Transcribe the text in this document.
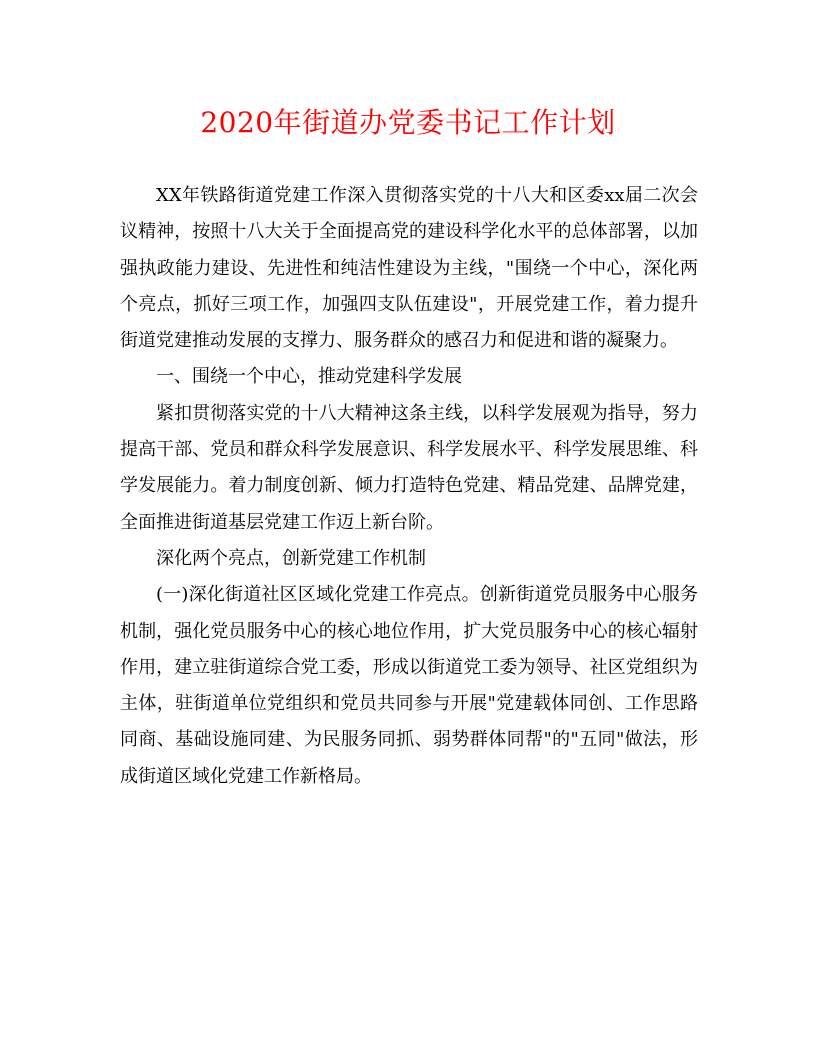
2020年街道办党委书记工作计划

XX年铁路街道党建工作深入贯彻落实党的十八大和区委xx届二次会议精神，按照十八大关于全面提高党的建设科学化水平的总体部署，以加强执政能力建设、先进性和纯洁性建设为主线，"围绕一个中心，深化两个亮点，抓好三项工作，加强四支队伍建设"，开展党建工作，着力提升街道党建推动发展的支撑力、服务群众的感召力和促进和谐的凝聚力。

一、围绕一个中心，推动党建科学发展

紧扣贯彻落实党的十八大精神这条主线，以科学发展观为指导，努力提高干部、党员和群众科学发展意识、科学发展水平、科学发展思维、科学发展能力。着力制度创新、倾力打造特色党建、精品党建、品牌党建，全面推进街道基层党建工作迈上新台阶。

深化两个亮点，创新党建工作机制

(一)深化街道社区区域化党建工作亮点。创新街道党员服务中心服务机制，强化党员服务中心的核心地位作用，扩大党员服务中心的核心辐射作用，建立驻街道综合党工委，形成以街道党工委为领导、社区党组织为主体，驻街道单位党组织和党员共同参与开展"党建载体同创、工作思路同商、基础设施同建、为民服务同抓、弱势群体同帮"的"五同"做法，形成街道区域化党建工作新格局。
